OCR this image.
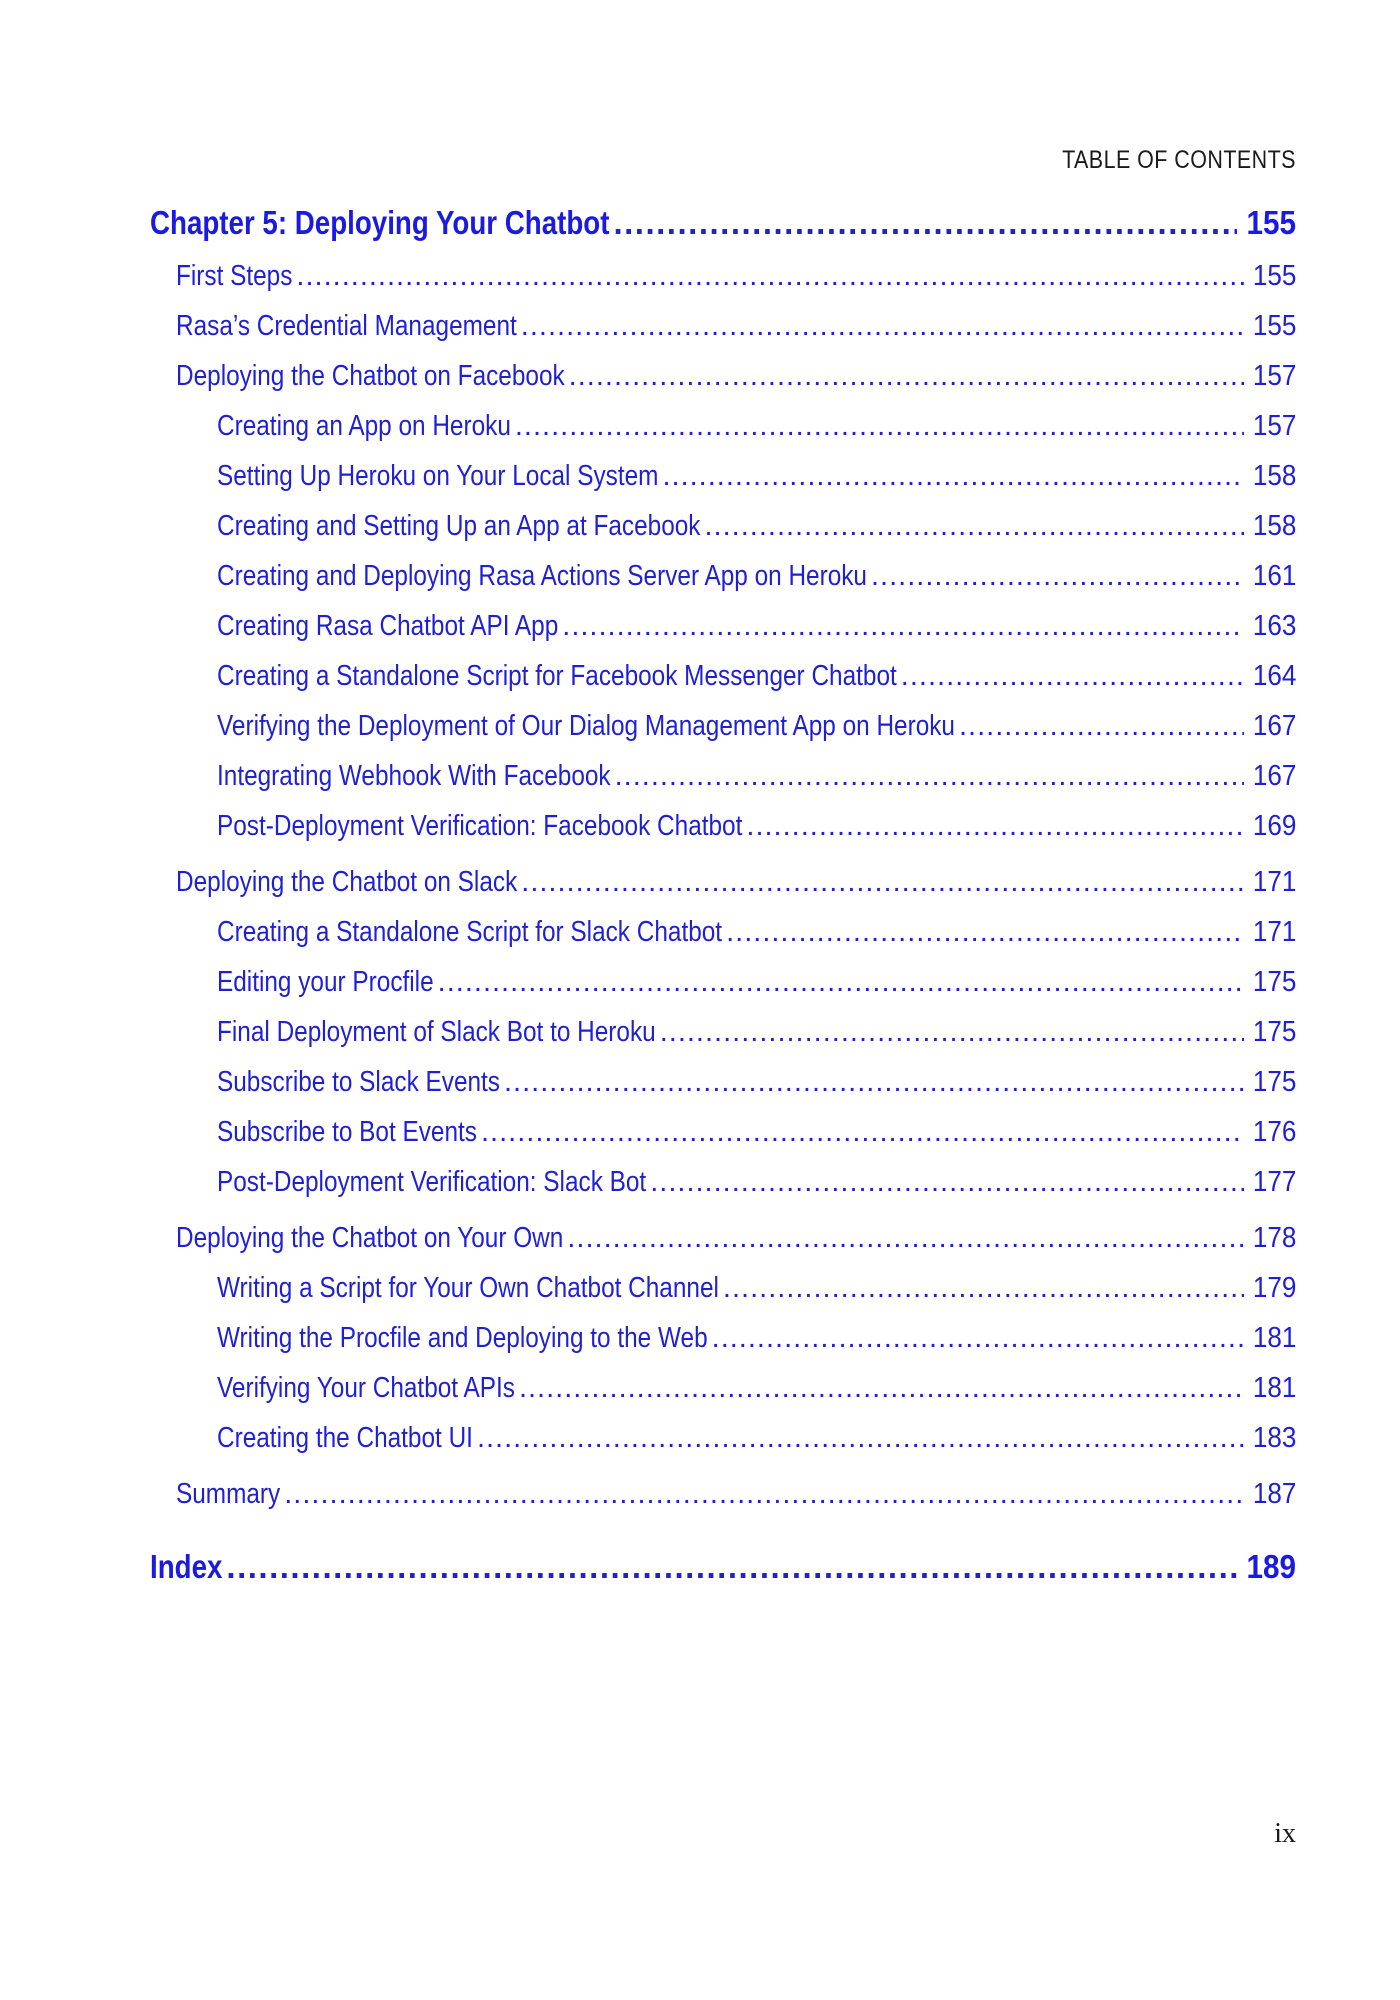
TABLE OF CONTENTS
Chapter 5: Deploying Your Chatbot .....	155
First Steps .....	155
Rasa’s Credential Management .....	155
Deploying the Chatbot on Facebook .....	157
Creating an App on Heroku .....	157
Setting Up Heroku on Your Local System .....	158
Creating and Setting Up an App at Facebook .....	158
Creating and Deploying Rasa Actions Server App on Heroku .....	161
Creating Rasa Chatbot API App .....	163
Creating a Standalone Script for Facebook Messenger Chatbot .....	164
Verifying the Deployment of Our Dialog Management App on Heroku .....	167
Integrating Webhook With Facebook .....	167
Post-Deployment Verification: Facebook Chatbot .....	169
Deploying the Chatbot on Slack .....	171
Creating a Standalone Script for Slack Chatbot .....	171
Editing your Procfile .....	175
Final Deployment of Slack Bot to Heroku .....	175
Subscribe to Slack Events .....	175
Subscribe to Bot Events .....	176
Post-Deployment Verification: Slack Bot .....	177
Deploying the Chatbot on Your Own .....	178
Writing a Script for Your Own Chatbot Channel .....	179
Writing the Procfile and Deploying to the Web .....	181
Verifying Your Chatbot APIs .....	181
Creating the Chatbot UI .....	183
Summary .....	187
Index .....	189
ix
